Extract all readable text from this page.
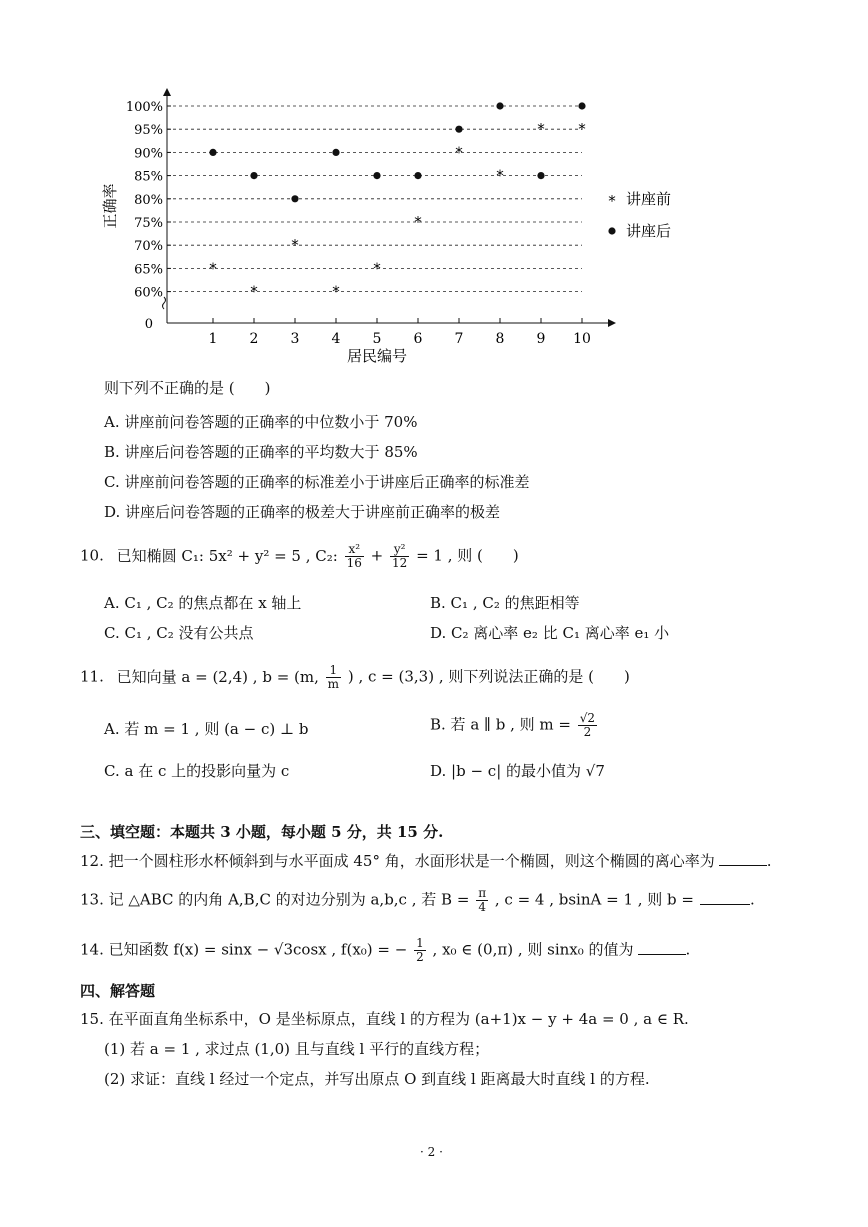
100%
95%
90%
85%
80%
75%
70%
65%
60%
0
1 2 3 4 5 6 7 8 9 10
居民编号
正确率
*
*
*
*
*
*
*
*
* *
* 讲座前
讲座后
则下列不正确的是 (　　)
A. 讲座前问卷答题的正确率的中位数小于 70%
B. 讲座后问卷答题的正确率的平均数大于 85%
C. 讲座前问卷答题的正确率的标准差小于讲座后正确率的标准差
D. 讲座后问卷答题的正确率的极差大于讲座前正确率的极差
10. 已知椭圆 C₁: 5x² + y² = 5 , C₂: $\frac{\text{x²}}{16} + \frac{\text{y²}}{12} = 1$ , 则 (　　)
A. C₁ , C₂ 的焦点都在 x 轴上	B. C₁ , C₂ 的焦距相等
C. C₁ , C₂ 没有公共点	D. C₂ 离心率 e₂ 比 C₁ 离心率 e₁ 小
11. 已知向量 a = (2,4) , b = (m, $\frac{1}{m}$ ) , c = (3,3) , 则下列说法正确的是 (　　)
A. 若 m = 1 , 则 (a − c) ⊥ b	B. 若 a ∥ b , 则 $m = \frac{√2}{2}$
C. a 在 c 上的投影向量为 c	D. |b − c| 的最小值为 √7
三、填空题：本题共 3 小题，每小题 5 分，共 15 分.
12. 把一个圆柱形水杯倾斜到与水平面成 45° 角，水面形状是一个椭圆，则这个椭圆的离心率为	.
13. 记 △ABC 的内角 A,B,C 的对边分别为 a,b,c , 若 $B = \frac{\pi}{4}$ , c = 4 , bsinA = 1 , 则 b =	.
14. 已知函数 f(x) = sinx − √3cosx , f(x₀) = − $\frac{1}{2}$ , x₀ ∈ (0,π) , 则 sinx₀ 的值为	.
四、解答题
15. 在平面直角坐标系中，O 是坐标原点，直线 l 的方程为 (a+1)x − y + 4a = 0 , a ∈ R.
(1) 若 a = 1 , 求过点 (1,0) 且与直线 l 平行的直线方程；
(2) 求证：直线 l 经过一个定点，并写出原点 O 到直线 l 距离最大时直线 l 的方程.
· 2 ·
